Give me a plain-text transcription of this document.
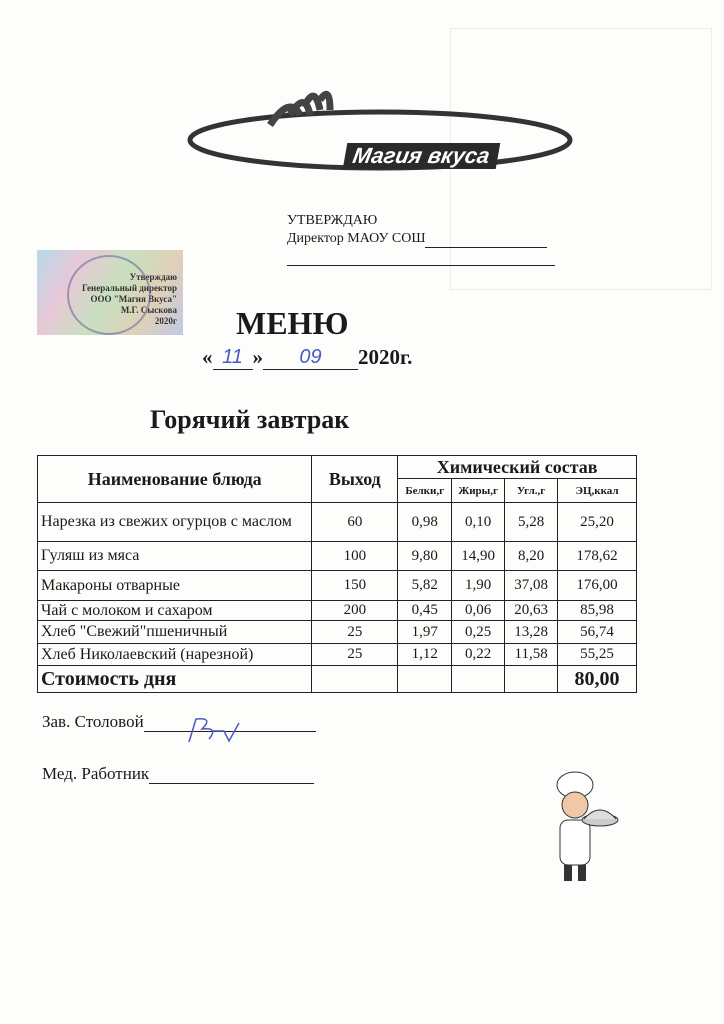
Магия вкуса
УТВЕРЖДАЮ
Директор МАОУ СОШ
Утверждаю
Генеральный директор
ООО "Магия Вкуса"
М.Г. Сыскова
2020г МЕНЮ
« 11 » 09 2020г.
Горячий завтрак
Наименование блюда	Выход	Химический состав			
		Белки,г	Жиры,г	Угл.,г	ЭЦ,ккал
Нарезка из свежих огурцов с маслом	60	0,98	0,10	5,28	25,20
Гуляш из мяса	100	9,80	14,90	8,20	178,62
Макароны отварные	150	5,82	1,90	37,08	176,00
Чай с молоком и сахаром	200	0,45	0,06	20,63	85,98
Хлеб "Свежий"пшеничный	25	1,97	0,25	13,28	56,74
Хлеб Николаевский (нарезной)	25	1,12	0,22	11,58	55,25
Стоимость дня					80,00
Зав. Столовой
Мед. Работник
